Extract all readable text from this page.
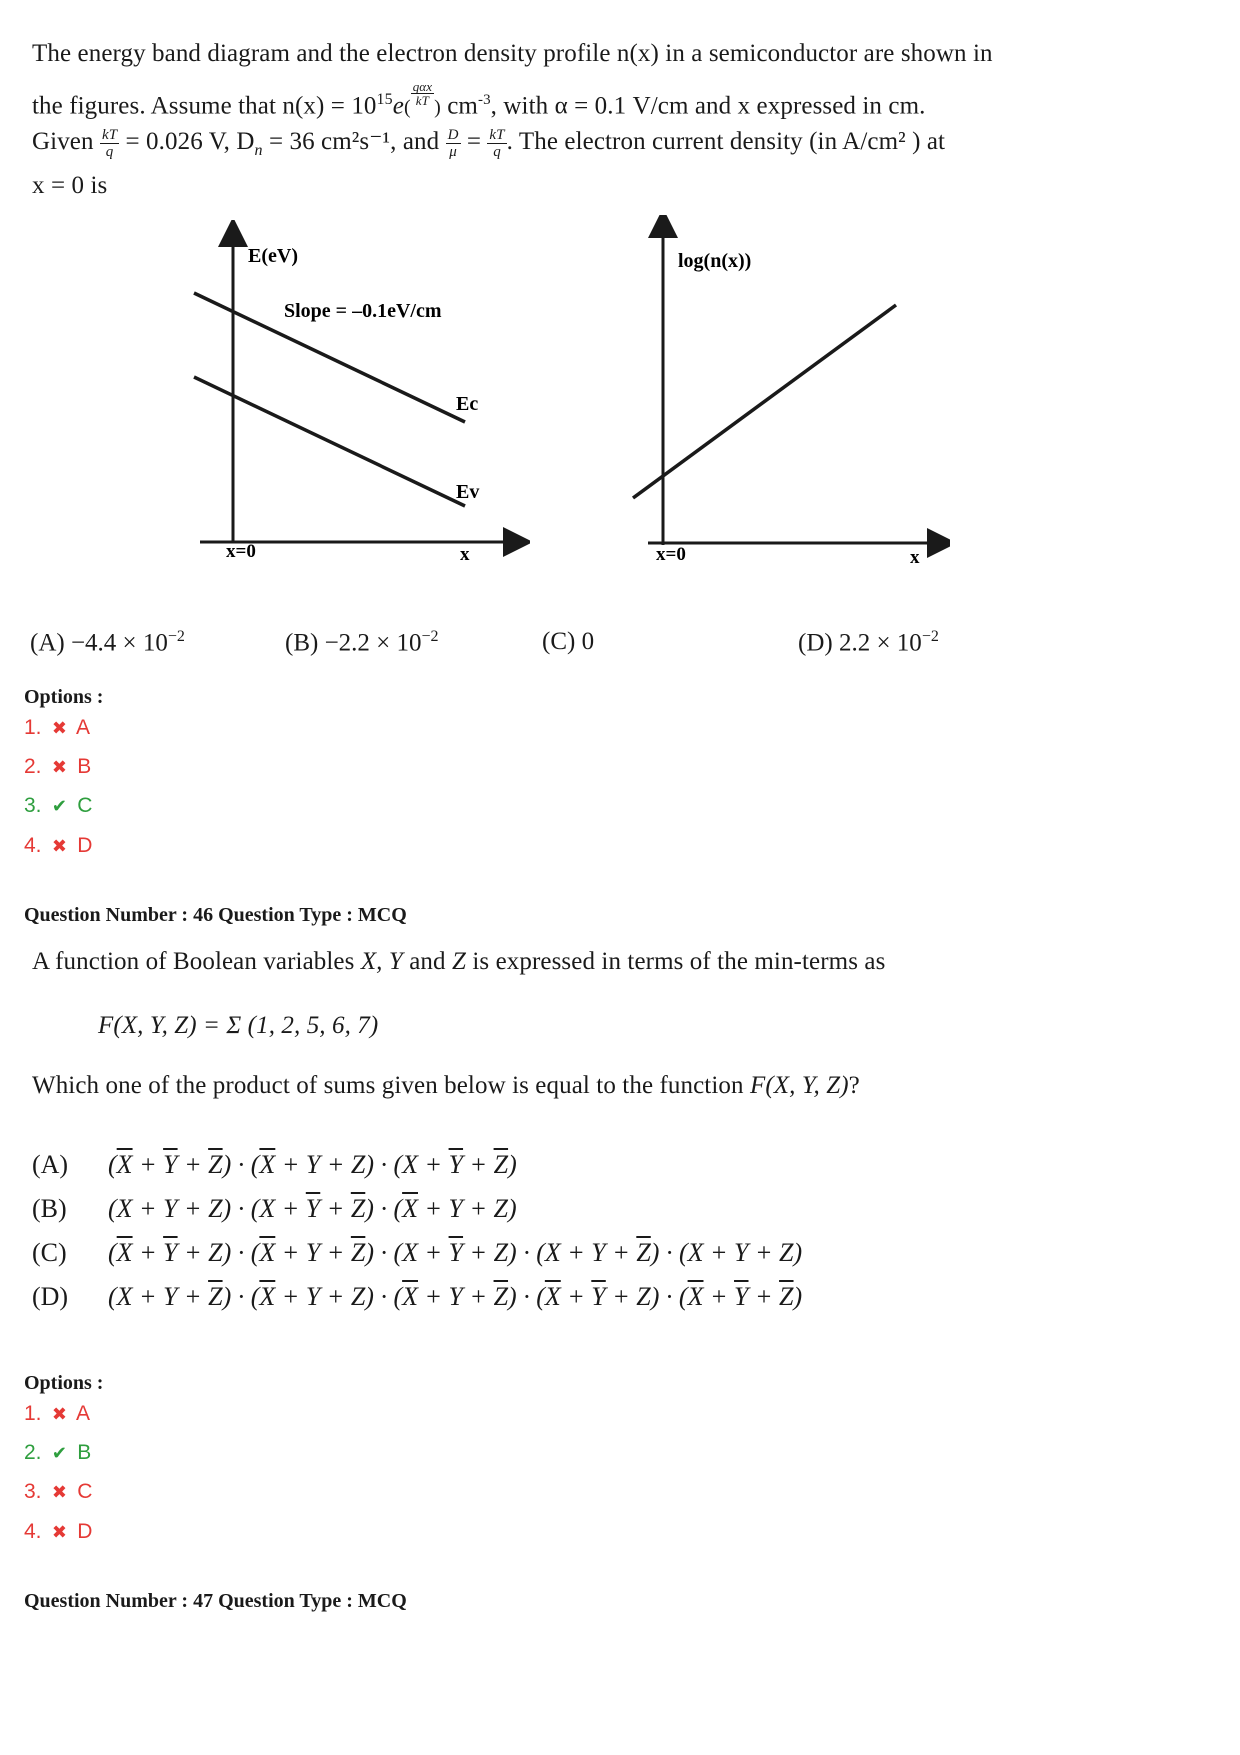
The energy band diagram and the electron density profile n(x) in a semiconductor are shown in
the figures. Assume that $n(x) = 10^{15}e( \frac{\text{qαx}}{kT}$ ) $cm^{-3}$, with α = 0.1 V/cm and x expressed in cm.
Given $\frac{kT}{q} = 0.026$ V, $D_n = 36$ cm²s⁻¹, and $\frac{D}{\mu} = \frac{kT}{q}$ . The electron current density (in A/cm² ) at
x = 0 is
E(eV)
Slope = –0.1eV/cm
Ec
Ev
x=0	x
log(n(x))
x=0	x
$(A) -4.4 \times 10^{-2}$	$(B) -2.2 \times 10^{-2}$	(C) 0	(D) $2.2 \times 10^{-2}$
Options :
1. ✖ A
2. ✖ B
3. ✔ C
4. ✖ D
Question Number : 46 Question Type : MCQ
A function of Boolean variables X, Y and Z is expressed in terms of the min-terms as
F(X, Y, Z) = Σ (1, 2, 5, 6, 7)
Which one of the product of sums given below is equal to the function F(X, Y, Z)?
(A) $(\overline{X} + \overline{Y} + \overline{Z}) \cdot (\overline{X} + Y + Z) \cdot (X + \overline{Y} + \overline{Z})$
(B) $(X + Y + Z) \cdot (X + \overline{Y} + \overline{Z}) \cdot (\overline{X} + Y + Z)$
(C) $(\overline{X} + \overline{Y} + Z) \cdot (\overline{X} + Y + \overline{Z}) \cdot (X + \overline{Y} + Z) \cdot (X + Y + \overline{Z}) \cdot (X + Y + Z)$
(D) $(X + Y + \overline{Z}) \cdot (\overline{X} + Y + Z) \cdot (\overline{X} + Y + \overline{Z}) \cdot (\overline{X} + \overline{Y} + Z) \cdot (\overline{X} + \overline{Y} + \overline{Z})$
Options :
1. ✖ A
2. ✔ B
3. ✖ C
4. ✖ D
Question Number : 47 Question Type : MCQ
